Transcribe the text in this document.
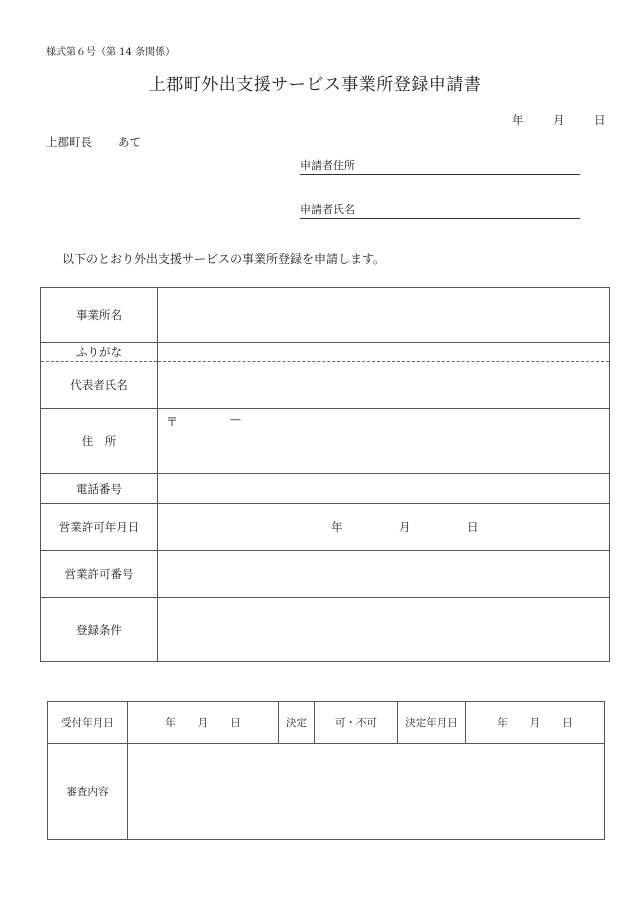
様式第６号（第 14 条関係）
上郡町外出支援サービス事業所登録申請書
年	月	日
上郡町長 あて
申請者住所
申請者氏名
以下のとおり外出支援サービスの事業所登録を申請します。
事業所名	
ふりがな	
代表者氏名	
住　所	〒 —

電話番号	
営業許可年月日	年 月 日

営業許可番号	
登録条件	
受付年月日	年 月 日	決定	可・不可	決定年月日	年 月 日
審査内容					
